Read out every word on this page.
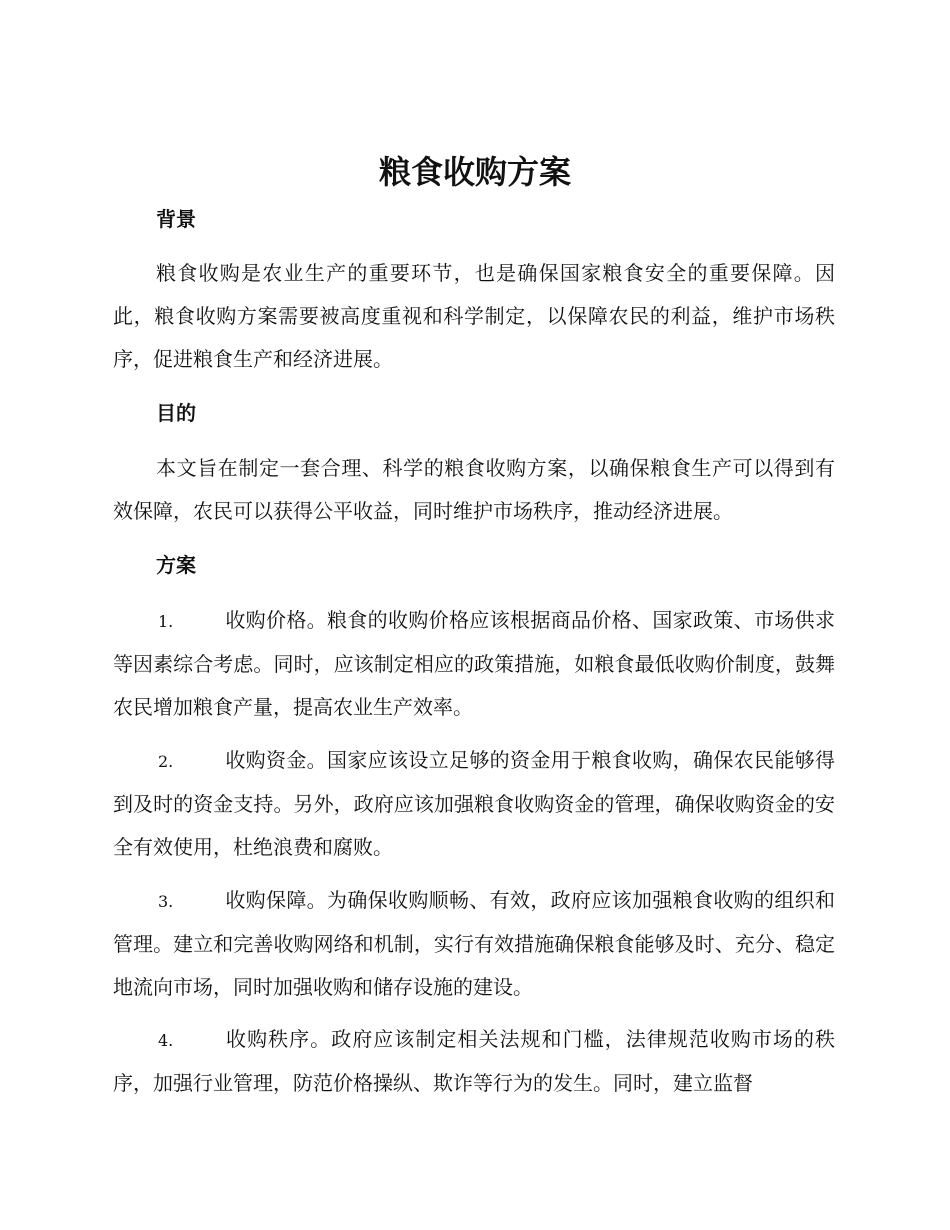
粮食收购方案
背景

粮食收购是农业生产的重要环节，也是确保国家粮食安全的重要保障。因此，粮食收购方案需要被高度重视和科学制定，以保障农民的利益，维护市场秩序，促进粮食生产和经济进展。

目的

本文旨在制定一套合理、科学的粮食收购方案，以确保粮食生产可以得到有效保障，农民可以获得公平收益，同时维护市场秩序，推动经济进展。

方案

1.	收购价格。粮食的收购价格应该根据商品价格、国家政策、市场供求等因素综合考虑。同时，应该制定相应的政策措施，如粮食最低收购价制度，鼓舞农民增加粮食产量，提高农业生产效率。

2.	收购资金。国家应该设立足够的资金用于粮食收购，确保农民能够得到及时的资金支持。另外，政府应该加强粮食收购资金的管理，确保收购资金的安全有效使用，杜绝浪费和腐败。

3.	收购保障。为确保收购顺畅、有效，政府应该加强粮食收购的组织和管理。建立和完善收购网络和机制，实行有效措施确保粮食能够及时、充分、稳定地流向市场，同时加强收购和储存设施的建设。

4.	收购秩序。政府应该制定相关法规和门槛，法律规范收购市场的秩序，加强行业管理，防范价格操纵、欺诈等行为的发生。同时，建立监督
